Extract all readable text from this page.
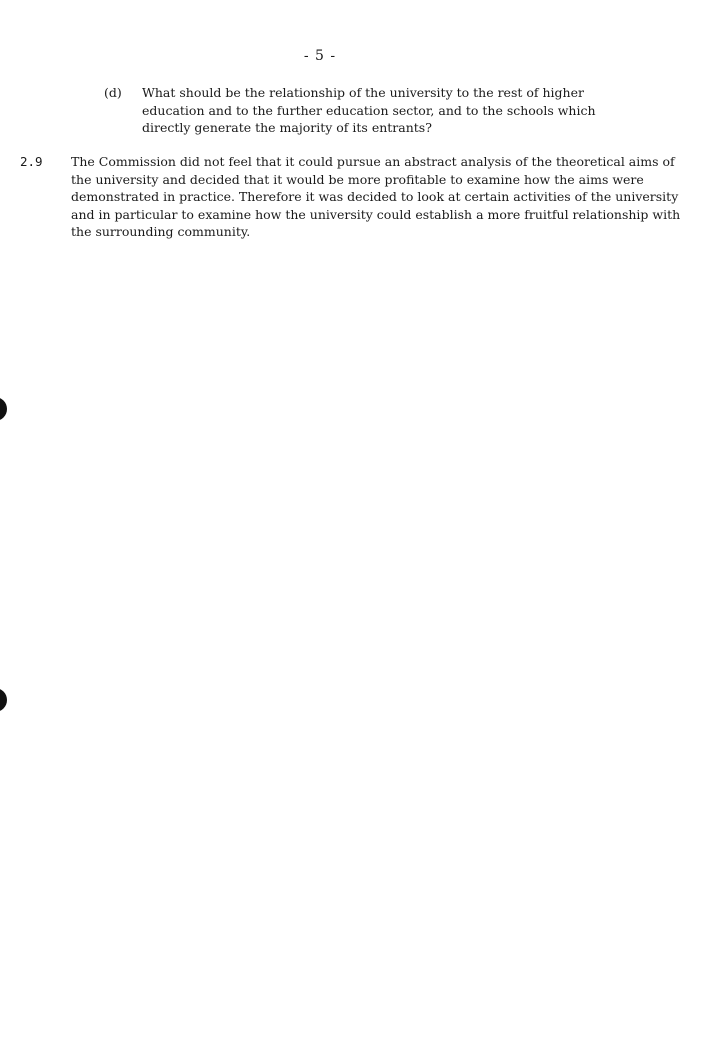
- 5 -
(d) What should be the relationship of the university to the rest of higher education and to the further education sector, and to the schools which directly generate the majority of its entrants?
2.9 The Commission did not feel that it could pursue an abstract analysis of the theoretical aims of the university and decided that it would be more profitable to examine how the aims were demonstrated in practice. Therefore it was decided to look at certain activities of the university and in particular to examine how the university could establish a more fruitful relationship with the surrounding community.
